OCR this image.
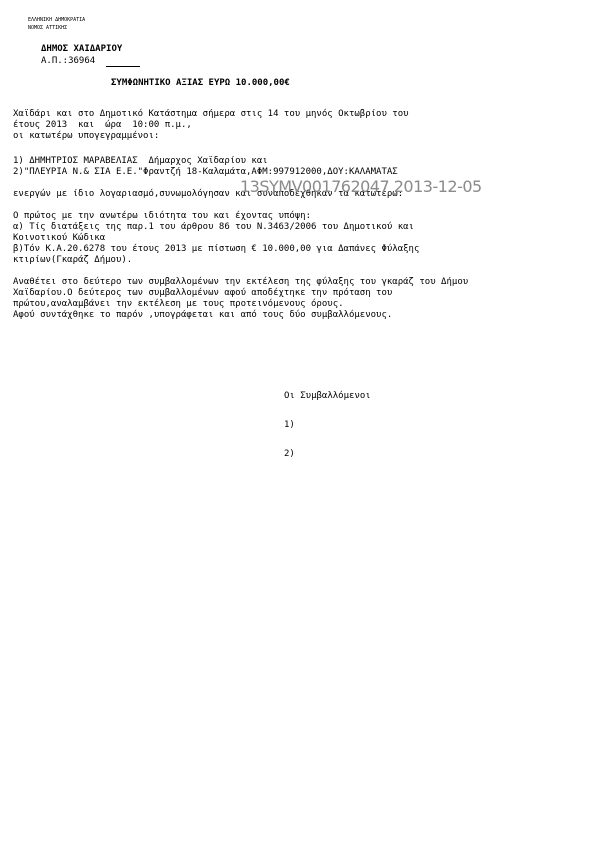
ΕΛΛΗΝΙΚΗ ΔΗΜΟΚΡΑΤΙΑ
ΝΟΜΟΣ ΑΤΤΙΚΗΣ
ΔΗΜΟΣ ΧΑΙΔΑΡΙΟΥ
Α.Π.:36964
ΣΥΜΦΩΝΗΤΙΚΟ ΑΞΙΑΣ ΕΥΡΩ 10.000,00€
Χαϊδάρι και στο Δημοτικό Κατάστημα σήμερα στις 14 του μηνός Οκτωβρίου του
έτους 2013  και  ώρα  10:00 π.μ.,
οι κατωτέρω υπογεγραμμένοι:
1) ΔΗΜΗΤΡΙΟΣ ΜΑΡΑΒΕΛΙΑΣ  Δήμαρχος Χαϊδαρίου και
2)"ΠΛΕΥΡΙΑ Ν.& ΣΙΑ Ε.Ε."Φραντζή 18-Καλαμάτα,ΑΦΜ:997912000,ΔΟΥ:ΚΑΛΑΜΑΤΑΣ
ενεργών με ίδιο λογαριασμό,συνωμολόγησαν και συναποδέχθηκαν τα κατωτέρω:
13SYMV001762047 2013-12-05
Ο πρώτος με την ανωτέρω ιδιότητα του και έχοντας υπόψη:
α) Τίς διατάξεις της παρ.1 του άρθρου 86 του Ν.3463/2006 του Δημοτικού και
Κοινοτικού Κώδικα
β)Τόν Κ.Α.20.6278 του έτους 2013 με πίστωση € 10.000,00 για Δαπάνες Φύλαξης
κτιρίων(Γκαράζ Δήμου).
Αναθέτει στο δεύτερο των συμβαλλομένων την εκτέλεση της φύλαξης του γκαράζ του Δήμου
Χαϊδαρίου.Ο δεύτερος των συμβαλλομένων αφού αποδέχτηκε την πρόταση του
πρώτου,αναλαμβάνει την εκτέλεση με τους προτεινόμενους όρους.
Αφού συντάχθηκε το παρόν ,υπογράφεται και από τους δύο συμβαλλόμενους.
Οι Συμβαλλόμενοι
1)
2)
